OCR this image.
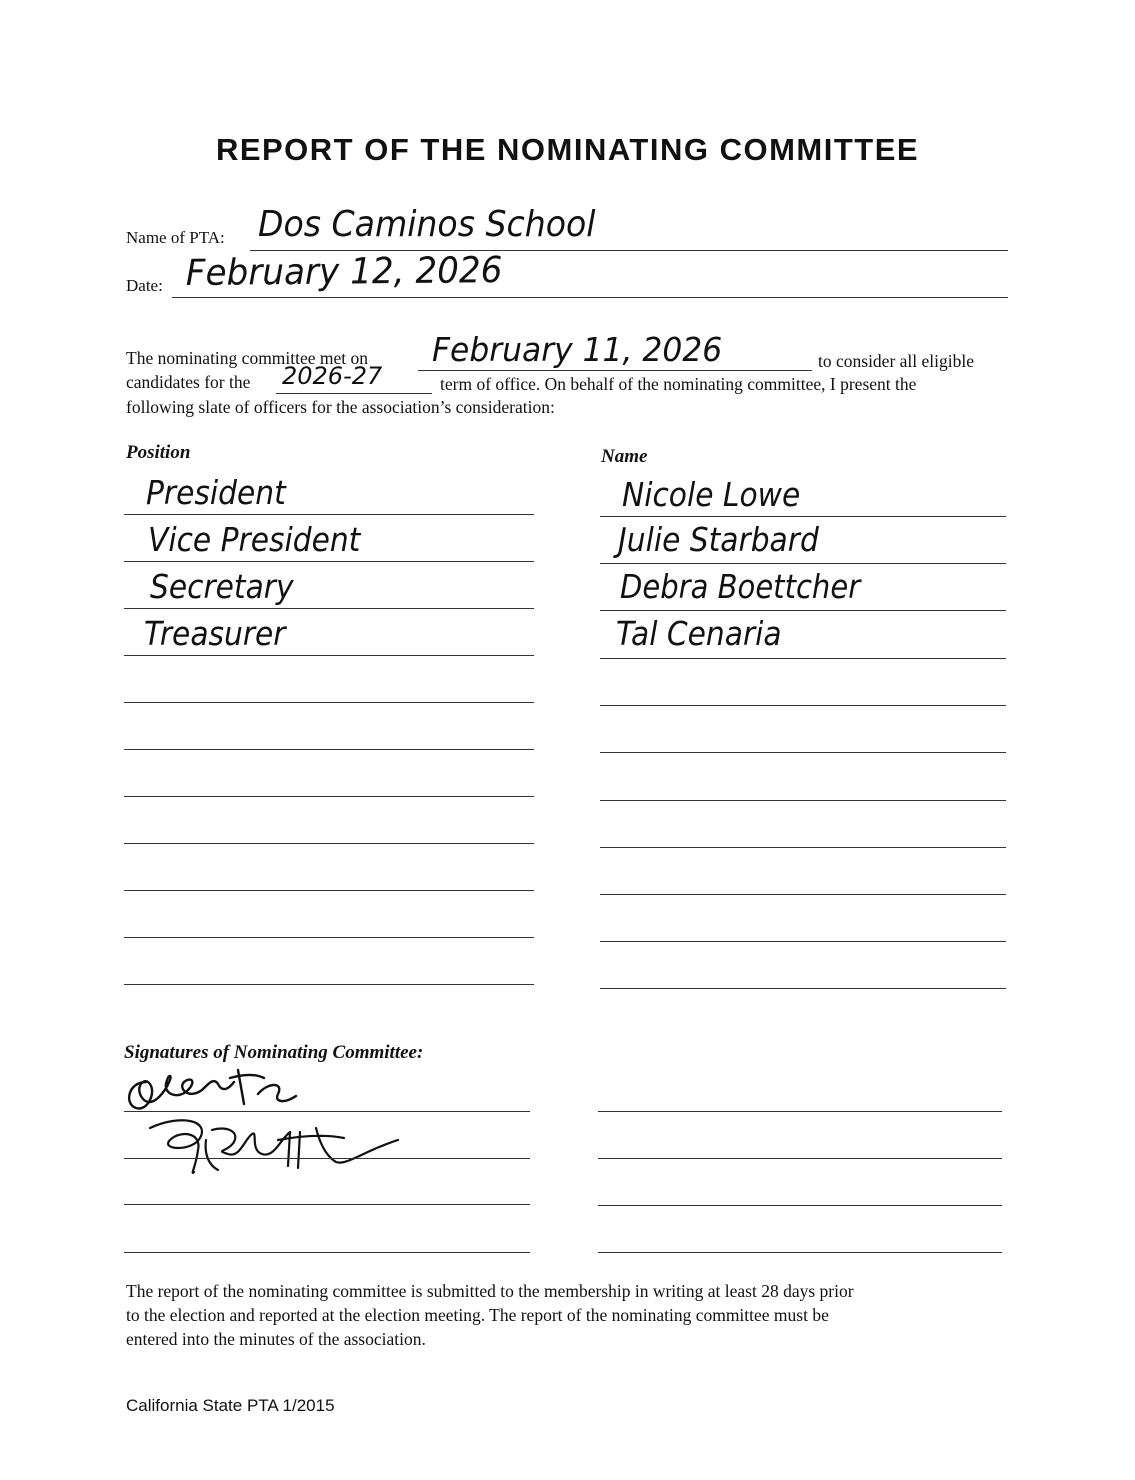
REPORT OF THE NOMINATING COMMITTEE
Name of PTA: Dos Caminos School
Date: February 12, 2026
The nominating committee met on February 11, 2026	to consider all eligible
candidates for the 2026-27	term of office. On behalf of the nominating committee, I present the
following slate of officers for the association’s consideration:
Position	Name
President	Nicole Lowe
Vice President	Julie Starbard
Secretary	Debra Boettcher
Treasurer	Tal Cenaria
Signatures of Nominating Committee:
The report of the nominating committee is submitted to the membership in writing at least 28 days prior
to the election and reported at the election meeting. The report of the nominating committee must be
entered into the minutes of the association.
California State PTA 1/2015
